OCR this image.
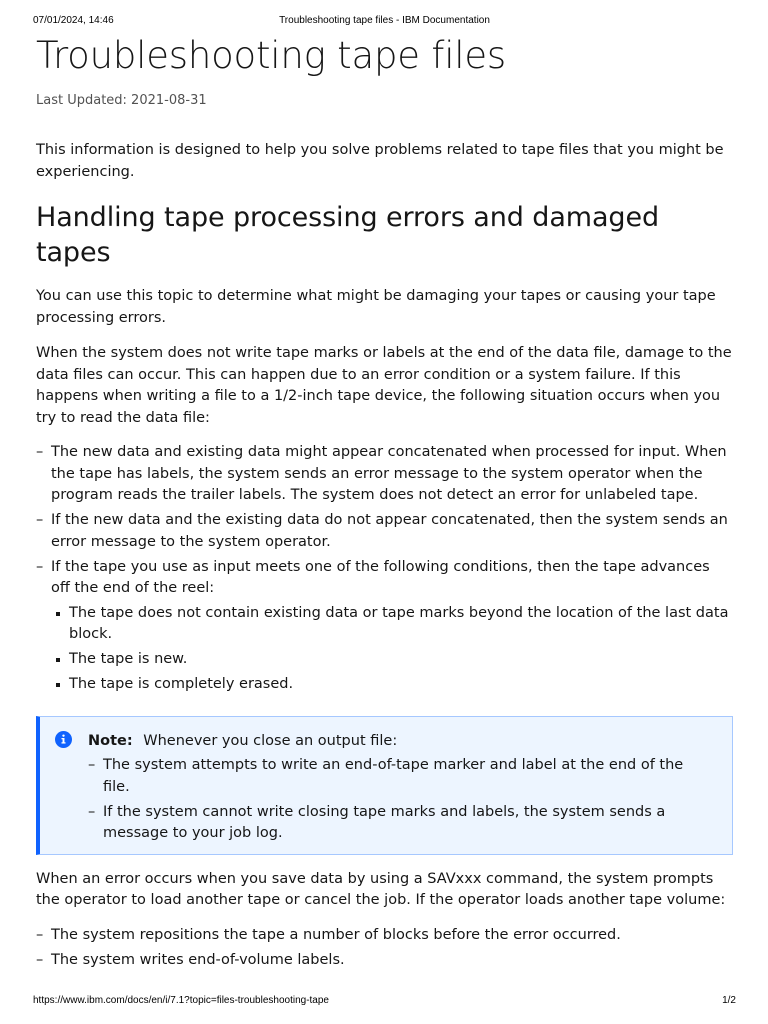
07/01/2024, 14:46	Troubleshooting tape files - IBM Documentation
Troubleshooting tape files
Last Updated: 2021-08-31

This information is designed to help you solve problems related to tape files that you might be experiencing.

Handling tape processing errors and damaged tapes

You can use this topic to determine what might be damaging your tapes or causing your tape processing errors.

When the system does not write tape marks or labels at the end of the data file, damage to the data files can occur. This can happen due to an error condition or a system failure. If this happens when writing a file to a 1/2-inch tape device, the following situation occurs when you try to read the data file:

– The new data and existing data might appear concatenated when processed for input. When the tape has labels, the system sends an error message to the system operator when the program reads the trailer labels. The system does not detect an error for unlabeled tape.
– If the new data and the existing data do not appear concatenated, then the system sends an error message to the system operator.
– If the tape you use as input meets one of the following conditions, then the tape advances off the end of the reel:
The tape does not contain existing data or tape marks beyond the location of the last data block.
The tape is new.
The tape is completely erased.
Note: Whenever you close an output file:
– The system attempts to write an end-of-tape marker and label at the end of the file.
– If the system cannot write closing tape marks and labels, the system sends a message to your job log.

When an error occurs when you save data by using a SAVxxx command, the system prompts the operator to load another tape or cancel the job. If the operator loads another tape volume:

– The system repositions the tape a number of blocks before the error occurred.
– The system writes end-of-volume labels.
https://www.ibm.com/docs/en/i/7.1?topic=files-troubleshooting-tape	1/2
